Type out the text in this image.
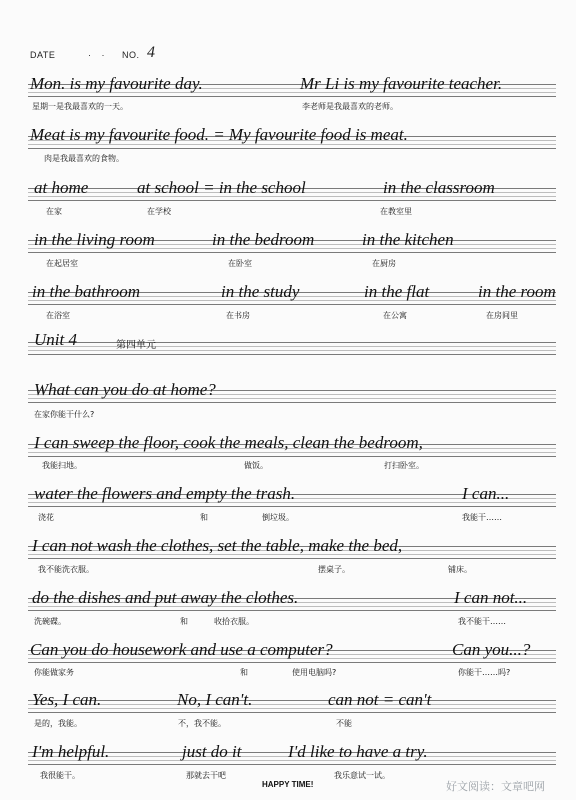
DATE	· · NO. 4
Mon. is my favourite day.	Mr Li is my favourite teacher.
星期一是我最喜欢的一天。	李老师是我最喜欢的老师。
Meat is my favourite food. = My favourite food is meat.
肉是我最喜欢的食物。
at home	at school = in the school	in the classroom
在家	在学校	在教室里
in the living room	in the bedroom	in the kitchen
在起居室	在卧室	在厨房
in the bathroom	in the study	in the flat	in the room
在浴室	在书房	在公寓	在房间里
Unit 4	第四单元
What can you do at home?
在家你能干什么?
I can sweep the floor, cook the meals, clean the bedroom,
我能扫地。	做饭。	打扫卧室。
water the flowers and empty the trash.	I can...
浇花	和	倒垃圾。	我能干……
I can not wash the clothes, set the table, make the bed,
我不能洗衣服。	摆桌子。	铺床。
do the dishes and put away the clothes.	I can not...
洗碗碟。	和	收拾衣服。	我不能干……
Can you do housework and use a computer?	Can you...?
你能做家务	和	使用电脑吗?	你能干……吗?
Yes, I can.	No, I can't.	can not = can't
是的，我能。	不，我不能。	不能
I'm helpful.	just do it	I'd like to have a try.
我很能干。	那就去干吧	我乐意试一试。
HAPPY TIME!	好文阅读：文章吧网
